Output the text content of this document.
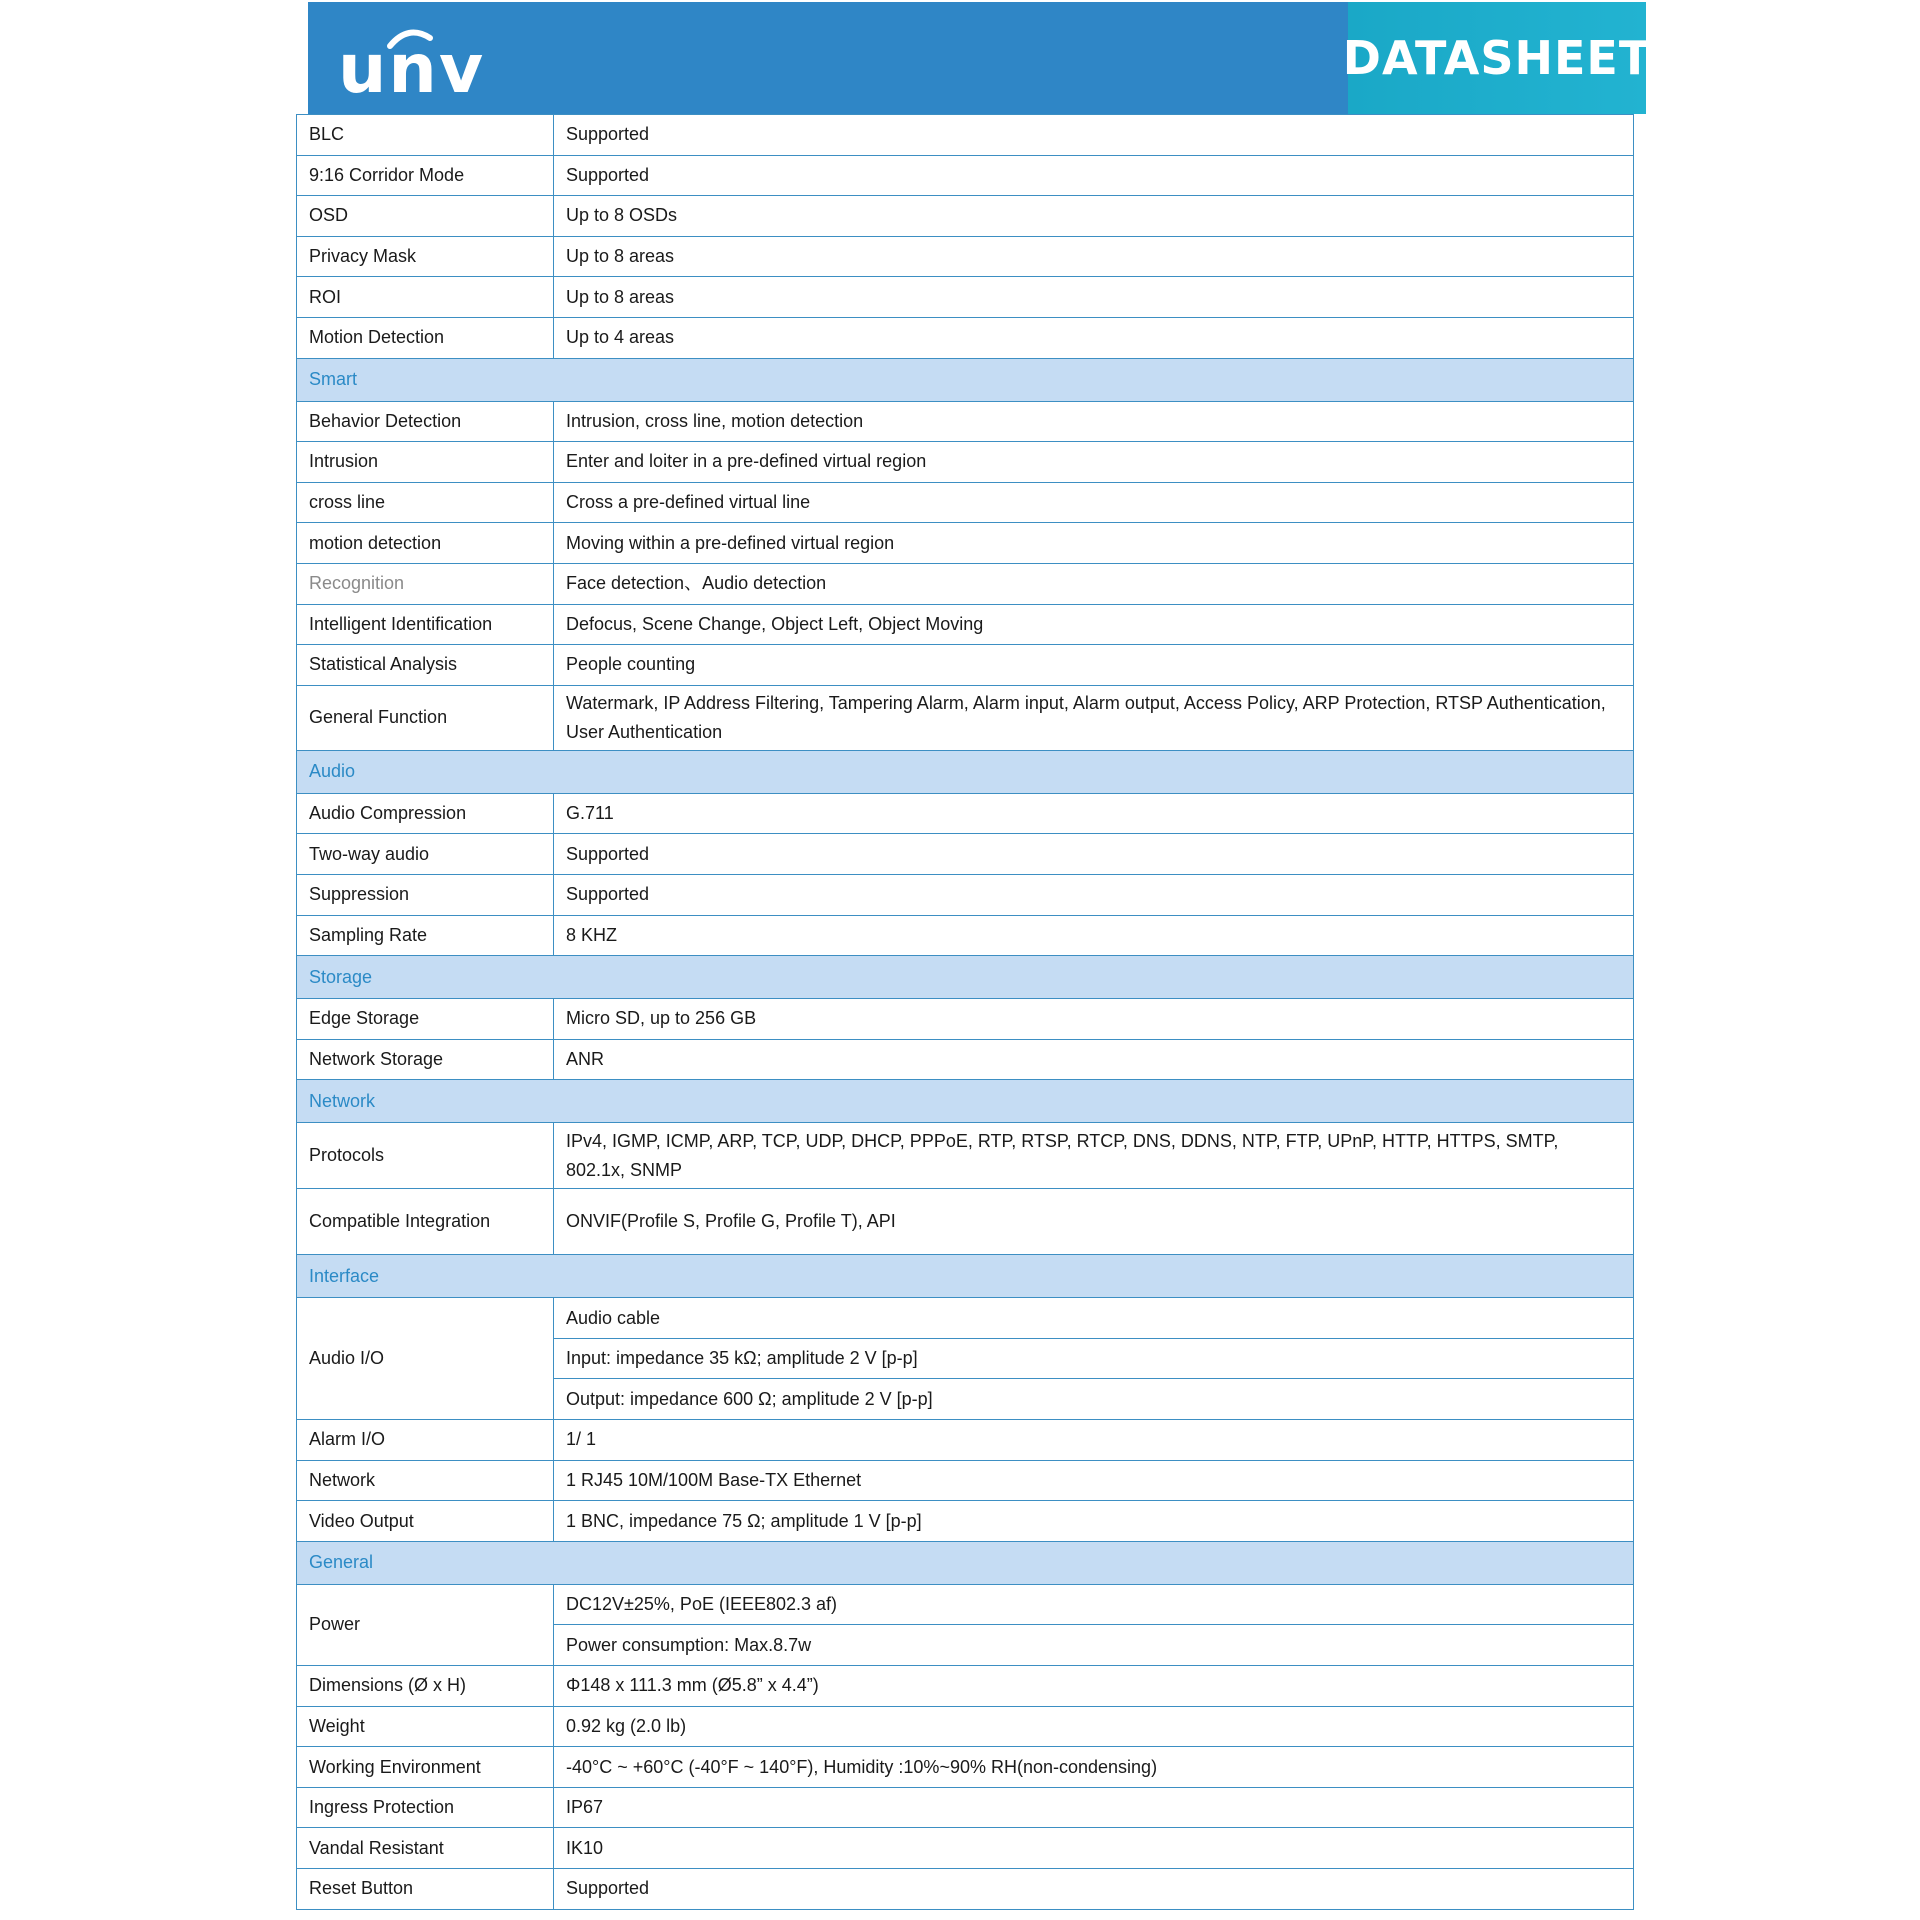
unv	DATASHEET
BLC	Supported
9:16 Corridor Mode	Supported
OSD	Up to 8 OSDs
Privacy Mask	Up to 8 areas
ROI	Up to 8 areas
Motion Detection	Up to 4 areas
Smart	
Behavior Detection	Intrusion, cross line, motion detection
Intrusion	Enter and loiter in a pre-defined virtual region
cross line	Cross a pre-defined virtual line
motion detection	Moving within a pre-defined virtual region
Recognition	Face detection、Audio detection
Intelligent Identification	Defocus, Scene Change, Object Left, Object Moving
Statistical Analysis	People counting
General Function	Watermark, IP Address Filtering, Tampering Alarm, Alarm input, Alarm output, Access Policy, ARP Protection, RTSP Authentication, User Authentication
Audio	
Audio Compression	G.711
Two-way audio	Supported
Suppression	Supported
Sampling Rate	8 KHZ
Storage	
Edge Storage	Micro SD, up to 256 GB
Network Storage	ANR
Network	
Protocols	IPv4, IGMP, ICMP, ARP, TCP, UDP, DHCP, PPPoE, RTP, RTSP, RTCP, DNS, DDNS, NTP, FTP, UPnP, HTTP, HTTPS, SMTP, 802.1x, SNMP
Compatible Integration	ONVIF(Profile S, Profile G, Profile T), API
Interface	
Audio I/O	Audio cable
	Input: impedance 35 kΩ; amplitude 2 V [p-p]
	Output: impedance 600 Ω; amplitude 2 V [p-p]
Alarm I/O	1/ 1
Network	1 RJ45 10M/100M Base-TX Ethernet
Video Output	1 BNC, impedance 75 Ω; amplitude 1 V [p-p]
General	
Power	DC12V±25%, PoE (IEEE802.3 af)
	Power consumption: Max.8.7w
Dimensions (Ø x H)	Φ148 x 111.3 mm (Ø5.8” x 4.4”)
Weight	0.92 kg (2.0 lb)
Working Environment	-40°C ~ +60°C (-40°F ~ 140°F), Humidity :10%~90% RH(non-condensing)
Ingress Protection	IP67
Vandal Resistant	IK10
Reset Button	Supported
